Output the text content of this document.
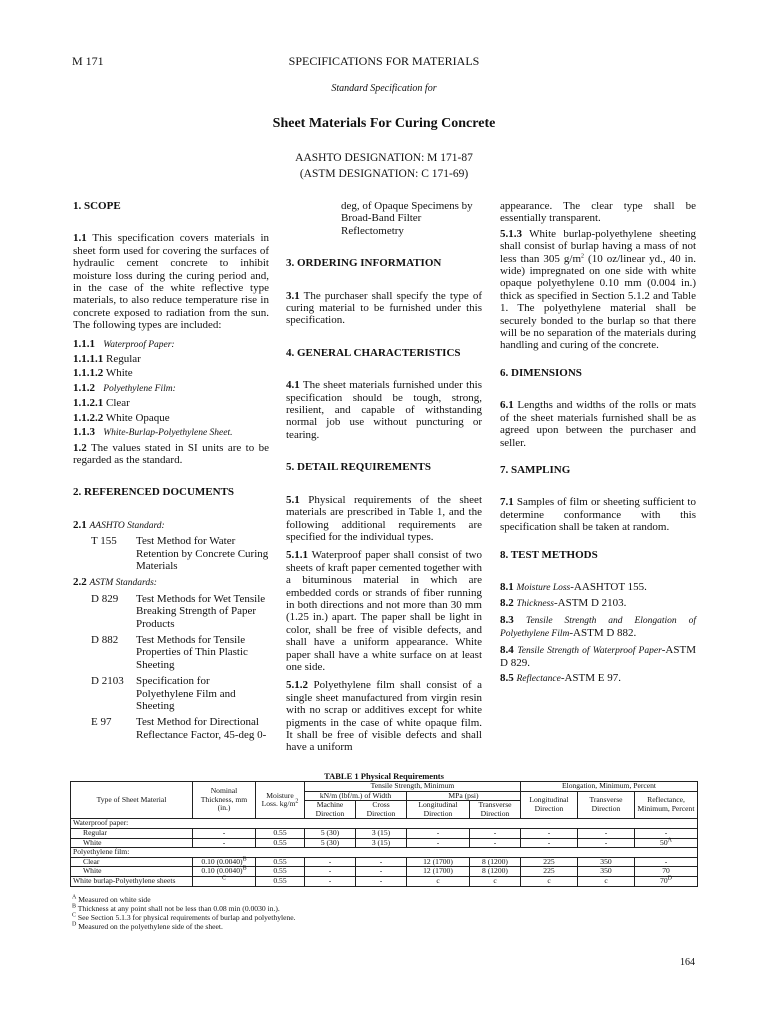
M 171	SPECIFICATIONS FOR MATERIALS
Standard Specification for
Sheet Materials For Curing Concrete
AASHTO DESIGNATION: M 171-87
(ASTM DESIGNATION: C 171-69)

1. SCOPE

1.1 This specification covers materials in sheet form used for covering the surfaces of hydraulic cement concrete to inhibit moisture loss during the curing period and, in the case of the white reflective type materials, to also reduce temperature rise in concrete exposed to radiation from the sun. The following types are included:

1.1.1 Waterproof Paper:

1.1.1.1 Regular

1.1.1.2 White

1.1.2 Polyethylene Film:

1.1.2.1 Clear

1.1.2.2 White Opaque

1.1.3 White-Burlap-Polyethylene Sheet.

1.2 The values stated in SI units are to be regarded as the standard.

2. REFERENCED DOCUMENTS

2.1 AASHTO Standard:

T 155	Test Method for Water Retention by Concrete Curing Materials

2.2 ASTM Standards:

D 829	Test Methods for Wet Tensile Breaking Strength of Paper Products
D 882	Test Methods for Tensile Properties of Thin Plastic Sheeting
D 2103	Specification for Polyethylene Film and Sheeting
E 97	Test Method for Directional Reflectance Factor, 45-deg 0-

deg, of Opaque Specimens by Broad-Band Filter Reflectometry

3. ORDERING INFORMATION

3.1 The purchaser shall specify the type of curing material to be furnished under this specification.

4. GENERAL CHARACTERISTICS

4.1 The sheet materials furnished under this specification should be tough, strong, resilient, and capable of withstanding normal job use without puncturing or tearing.

5. DETAIL REQUIREMENTS

5.1 Physical requirements of the sheet materials are prescribed in Table 1, and the following additional requirements are specified for the individual types.

5.1.1 Waterproof paper shall consist of two sheets of kraft paper cemented together with a bituminous material in which are embedded cords or strands of fiber running in both directions and not more than 30 mm (1.25 in.) apart. The paper shall be light in color, shall be free of visible defects, and shall have a uniform appearance. White paper shall have a white surface on at least one side.

5.1.2 Polyethylene film shall consist of a single sheet manufactured from virgin resin with no scrap or additives except for white pigments in the case of white opaque film. It shall be free of visible defects and shall have a uniform

appearance. The clear type shall be essentially transparent.

5.1.3 White burlap-polyethylene sheeting shall consist of burlap having a mass of not less than 305 $g/m^2$ (10 oz/linear yd., 40 in. wide) impregnated on one side with white opaque polyethylene 0.10 mm (0.004 in.) thick as specified in Section 5.1.2 and Table 1. The polyethylene material shall be securely bonded to the burlap so that there will be no separation of the materials during handling and curing of the concrete.

6. DIMENSIONS

6.1 Lengths and widths of the rolls or mats of the sheet materials furnished shall be as agreed upon between the purchaser and seller.

7. SAMPLING

7.1 Samples of film or sheeting sufficient to determine conformance with this specification shall be taken at random.

8. TEST METHODS

8.1 Moisture Loss-AASHTOT 155.

8.2 Thickness-ASTM D 2103.

8.3 Tensile Strength and Elongation of Polyethylene Film-ASTM D 882.

8.4 Tensile Strength of Waterproof Paper-ASTM D 829.

8.5 Reflectance-ASTM E 97.

TABLE 1 Physical Requirements
Type of Sheet Material	Nominal Thickness, mm (in.)	Moisture Loss. $kg/m^2$	Tensile Strength, Minimum				Elongation, Minimum, Percent		
			kN/m (lbf/m.) of Width		MPa (psi)		Longitudinal Direction	Transverse Direction	Reflectance, Minimum, Percent
			Machine Direction	Cross Direction	Longitudinal Direction	Transverse Direction			
Waterproof paper:									
Regular	-	0.55	5 (30)	3 (15)	-	-	-	-	-
White	-	0.55	5 (30)	3 (15)	-	-	-	-	$50^A$
Polyethylene film:									
Clear	0.10 $(0.0040)^B$	0.55	-	-	12 (1700)	8 (1200)	225	350	-
White	0.10 $(0.0040)^B$	0.55	-	-	12 (1700)	8 (1200)	225	350	70
White burlap-Polyethylene sheets	$^C$	0.55	-	-	c	c	c	c	$70^D$
$^A$ Measured on white side
$^B$ Thickness at any point shall not be less than 0.08 min (0.0030 in.).
$^C$ See Section 5.1.3 for physical requirements of burlap and polyethylene.
$^D$ Measured on the polyethylene side of the sheet.
164
